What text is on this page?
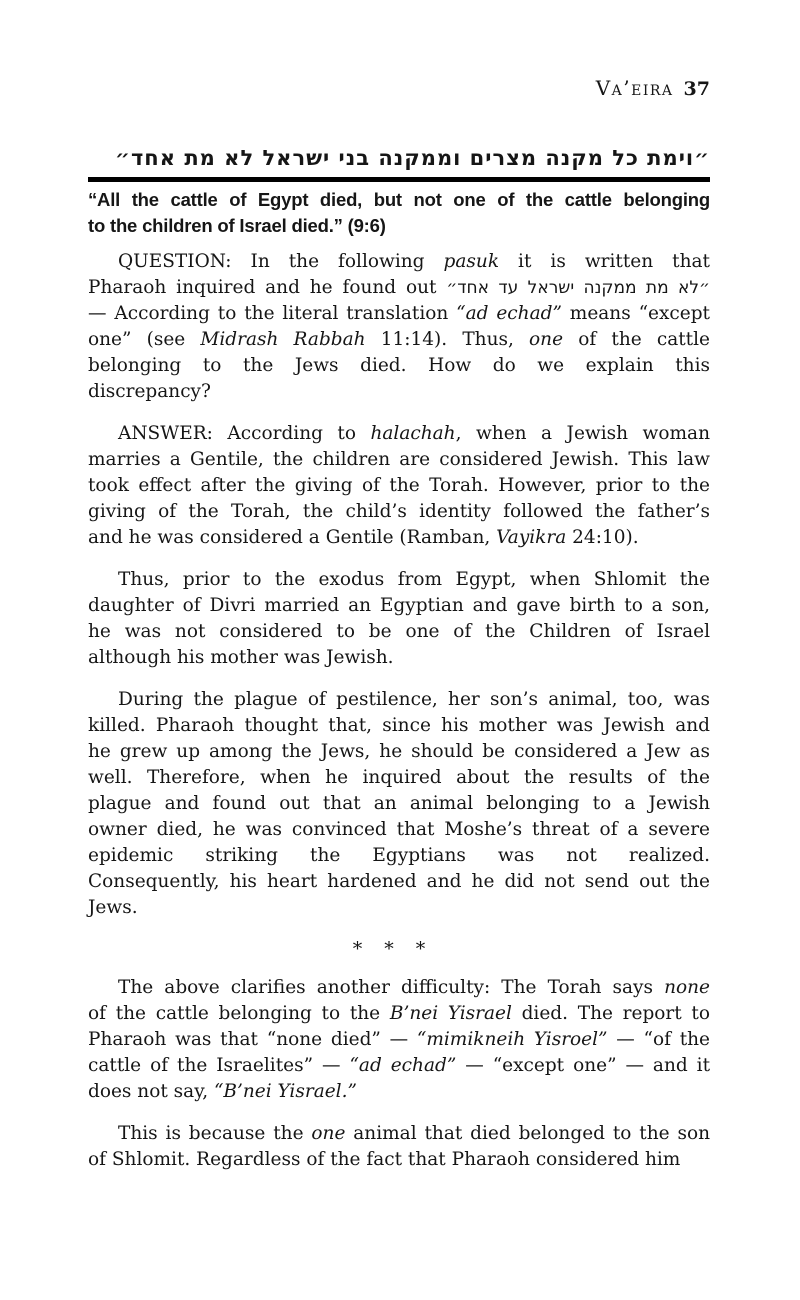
Va’eira 37
״וימת כל מקנה מצרים וממקנה בני ישראל לא מת אחד״
“All the cattle of Egypt died, but not one of the cattle belonging
to the children of Israel died.” (9:6)
QUESTION: In the following pasuk it is written that
Pharaoh inquired and he found out ״לא מת ממקנה ישראל עד אחד״
— According to the literal translation “ad echad” means “except
one” (see Midrash Rabbah 11:14). Thus, one of the cattle
belonging to the Jews died. How do we explain this
discrepancy?
ANSWER: According to halachah, when a Jewish woman
marries a Gentile, the children are considered Jewish. This law
took effect after the giving of the Torah. However, prior to the
giving of the Torah, the child’s identity followed the father’s
and he was considered a Gentile (Ramban, Vayikra 24:10).
Thus, prior to the exodus from Egypt, when Shlomit the
daughter of Divri married an Egyptian and gave birth to a son,
he was not considered to be one of the Children of Israel
although his mother was Jewish.
During the plague of pestilence, her son’s animal, too, was
killed. Pharaoh thought that, since his mother was Jewish and
he grew up among the Jews, he should be considered a Jew as
well. Therefore, when he inquired about the results of the
plague and found out that an animal belonging to a Jewish
owner died, he was convinced that Moshe’s threat of a severe
epidemic striking the Egyptians was not realized.
Consequently, his heart hardened and he did not send out the
Jews.
* * *
The above clarifies another difficulty: The Torah says none
of the cattle belonging to the B’nei Yisrael died. The report to
Pharaoh was that “none died” — “mimikneih Yisroel” — “of the
cattle of the Israelites” — “ad echad” — “except one” — and it
does not say, “B’nei Yisrael.”
This is because the one animal that died belonged to the son
of Shlomit. Regardless of the fact that Pharaoh considered him
